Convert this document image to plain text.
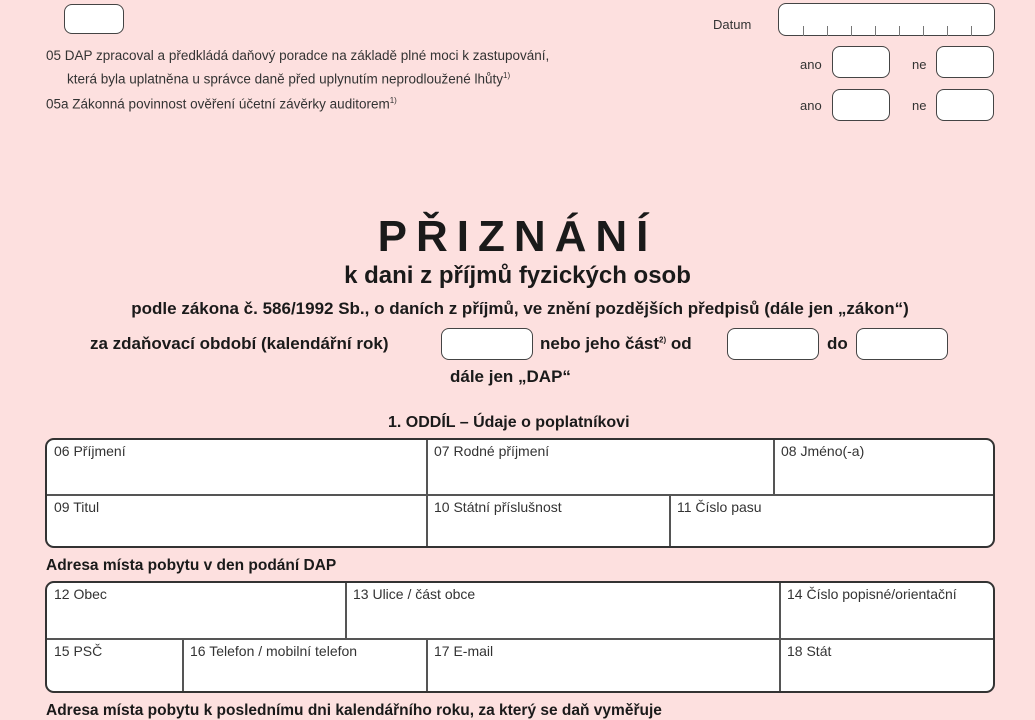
Datum
05 DAP zpracoval a předkládá daňový poradce na základě plné moci k zastupování,
která byla uplatněna u správce daně před uplynutím neprodloužené lhůty$^{1)}$
ano	ne
05a Zákonná povinnost ověření účetní závěrky auditorem$^{1)}$	ano	ne
PŘIZNÁNÍ
k dani z příjmů fyzických osob
podle zákona č. 586/1992 Sb., o daních z příjmů, ve znění pozdějších předpisů (dále jen „zákon“)
za zdaňovací období (kalendářní rok)	nebo jeho část$^{2)}$ od	do
dále jen „DAP“
1. ODDÍL – Údaje o poplatníkovi
06 Příjmení	07 Rodné příjmení	08 Jméno(-a)
09 Titul	10 Státní příslušnost	11 Číslo pasu
Adresa místa pobytu v den podání DAP
12 Obec	13 Ulice / část obce	14 Číslo popisné/orientační
15 PSČ	16 Telefon / mobilní telefon	17 E-mail	18 Stát
Adresa místa pobytu k poslednímu dni kalendářního roku, za který se daň vyměřuje
